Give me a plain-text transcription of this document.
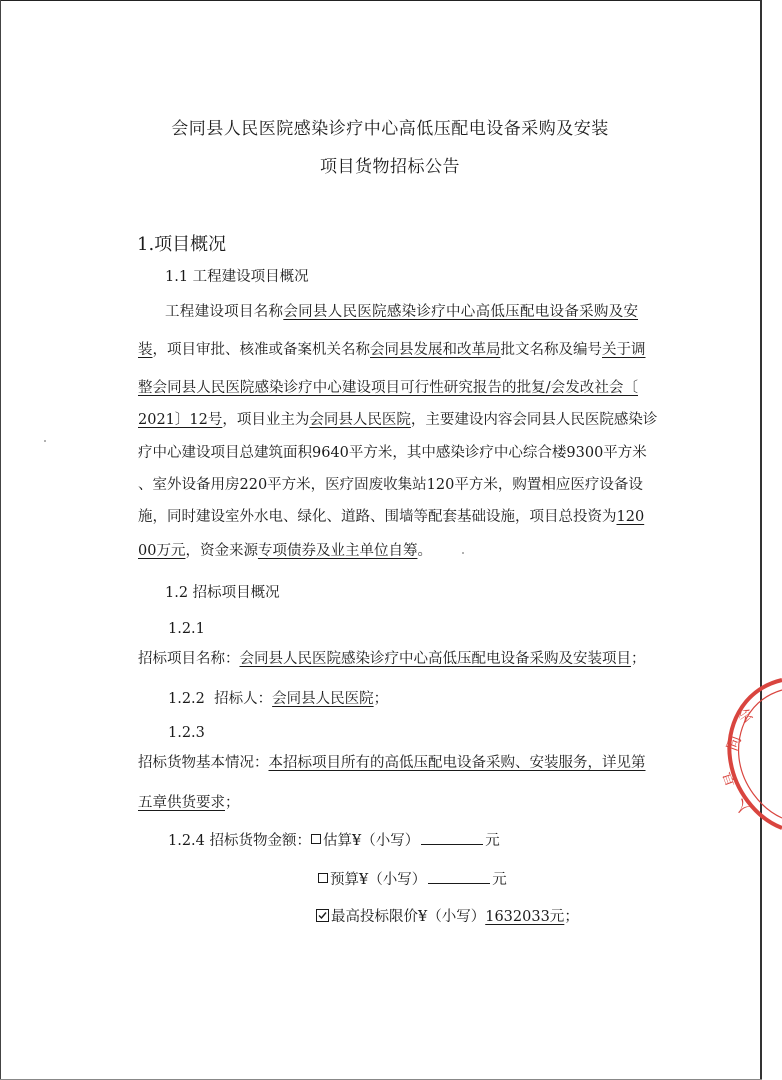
会同县人民医院感染诊疗中心高低压配电设备采购及安装
项目货物招标公告
1.项目概况
1.1 工程建设项目概况
工程建设项目名称会同县人民医院感染诊疗中心高低压配电设备采购及安
装，项目审批、核准或备案机关名称会同县发展和改革局批文名称及编号关于调
整会同县人民医院感染诊疗中心建设项目可行性研究报告的批复/会发改社会〔
2021〕12号，项目业主为会同县人民医院，主要建设内容会同县人民医院感染诊
疗中心建设项目总建筑面积9640平方米，其中感染诊疗中心综合楼9300平方米
、室外设备用房220平方米，医疗固废收集站120平方米，购置相应医疗设备设
施，同时建设室外水电、绿化、道路、围墙等配套基础设施，项目总投资为120
00万元，资金来源专项债券及业主单位自筹。
1.2 招标项目概况
1.2.1
招标项目名称：会同县人民医院感染诊疗中心高低压配电设备采购及安装项目；
1.2.2 招标人：会同县人民医院；
1.2.3
招标货物基本情况：本招标项目所有的高低压配电设备采购、安装服务，详见第
五章供货要求；
1.2.4 招标货物金额： 估算¥（小写）	元
预算¥（小写）	元
最高投标限价¥（小写）1632033元；
会
同
县
人
